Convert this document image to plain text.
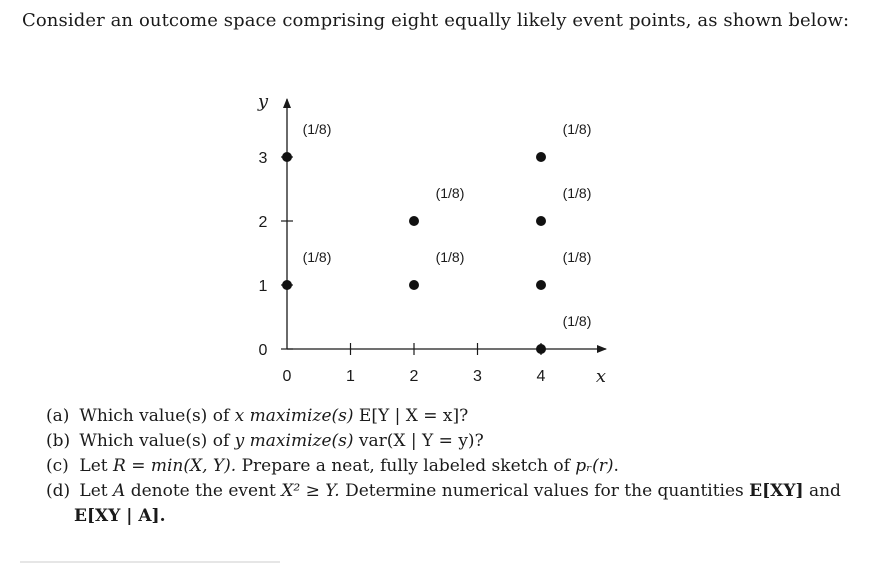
Consider an outcome space comprising eight equally likely event points, as shown below:
0	1	2	3	4
0
1
2
3
x
y
(1/8)
(1/8)
(1/8)
(1/8)
(1/8)
(1/8)
(1/8)
(1/8)
(a) Which value(s) of x maximize(s) E[Y | X = x]?
(b) Which value(s) of y maximize(s) var(X | Y = y)?
(c) Let R = min(X, Y). Prepare a neat, fully labeled sketch of pᵣ(r).
(d) Let A denote the event X² ≥ Y. Determine numerical values for the quantities E[XY] and
E[XY | A].
